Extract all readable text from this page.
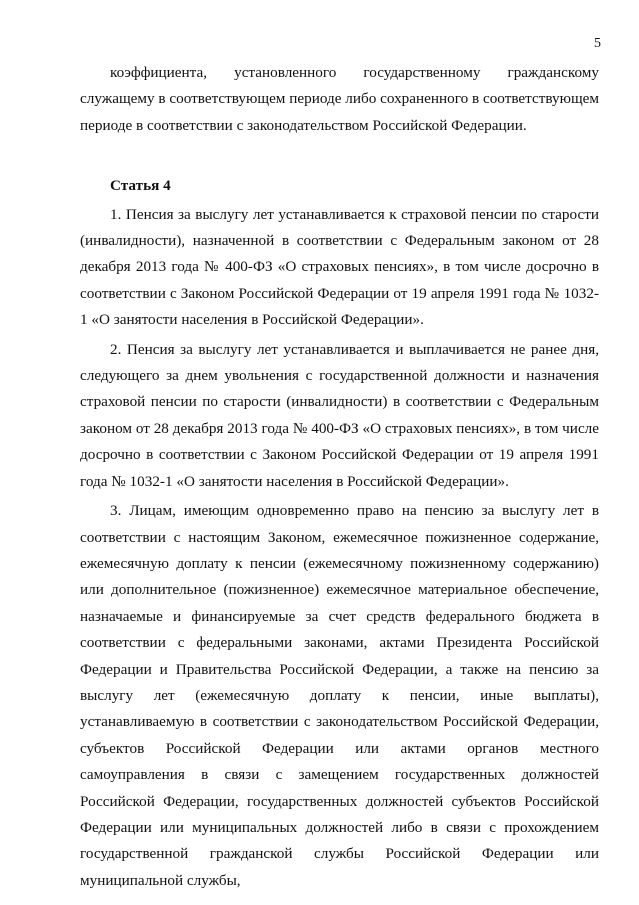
5

коэффициента, установленного государственному гражданскому служащему в соответствующем периоде либо сохраненного в соответствующем периоде в соответствии с законодательством Российской Федерации.

Статья 4

1. Пенсия за выслугу лет устанавливается к страховой пенсии по старости (инвалидности), назначенной в соответствии с Федеральным законом от 28 декабря 2013 года № 400-ФЗ «О страховых пенсиях», в том числе досрочно в соответствии с Законом Российской Федерации от 19 апреля 1991 года № 1032-1 «О занятости населения в Российской Федерации».

2. Пенсия за выслугу лет устанавливается и выплачивается не ранее дня, следующего за днем увольнения с государственной должности и назначения страховой пенсии по старости (инвалидности) в соответствии с Федеральным законом от 28 декабря 2013 года № 400-ФЗ «О страховых пенсиях», в том числе досрочно в соответствии с Законом Российской Федерации от 19 апреля 1991 года № 1032-1 «О занятости населения в Российской Федерации».

3. Лицам, имеющим одновременно право на пенсию за выслугу лет в соответствии с настоящим Законом, ежемесячное пожизненное содержание, ежемесячную доплату к пенсии (ежемесячному пожизненному содержанию) или дополнительное (пожизненное) ежемесячное материальное обеспечение, назначаемые и финансируемые за счет средств федерального бюджета в соответствии с федеральными законами, актами Президента Российской Федерации и Правительства Российской Федерации, а также на пенсию за выслугу лет (ежемесячную доплату к пенсии, иные выплаты), устанавливаемую в соответствии с законодательством Российской Федерации, субъектов Российской Федерации или актами органов местного самоуправления в связи с замещением государственных должностей Российской Федерации, государственных должностей субъектов Российской Федерации или муниципальных должностей либо в связи с прохождением государственной гражданской службы Российской Федерации или муниципальной службы,
